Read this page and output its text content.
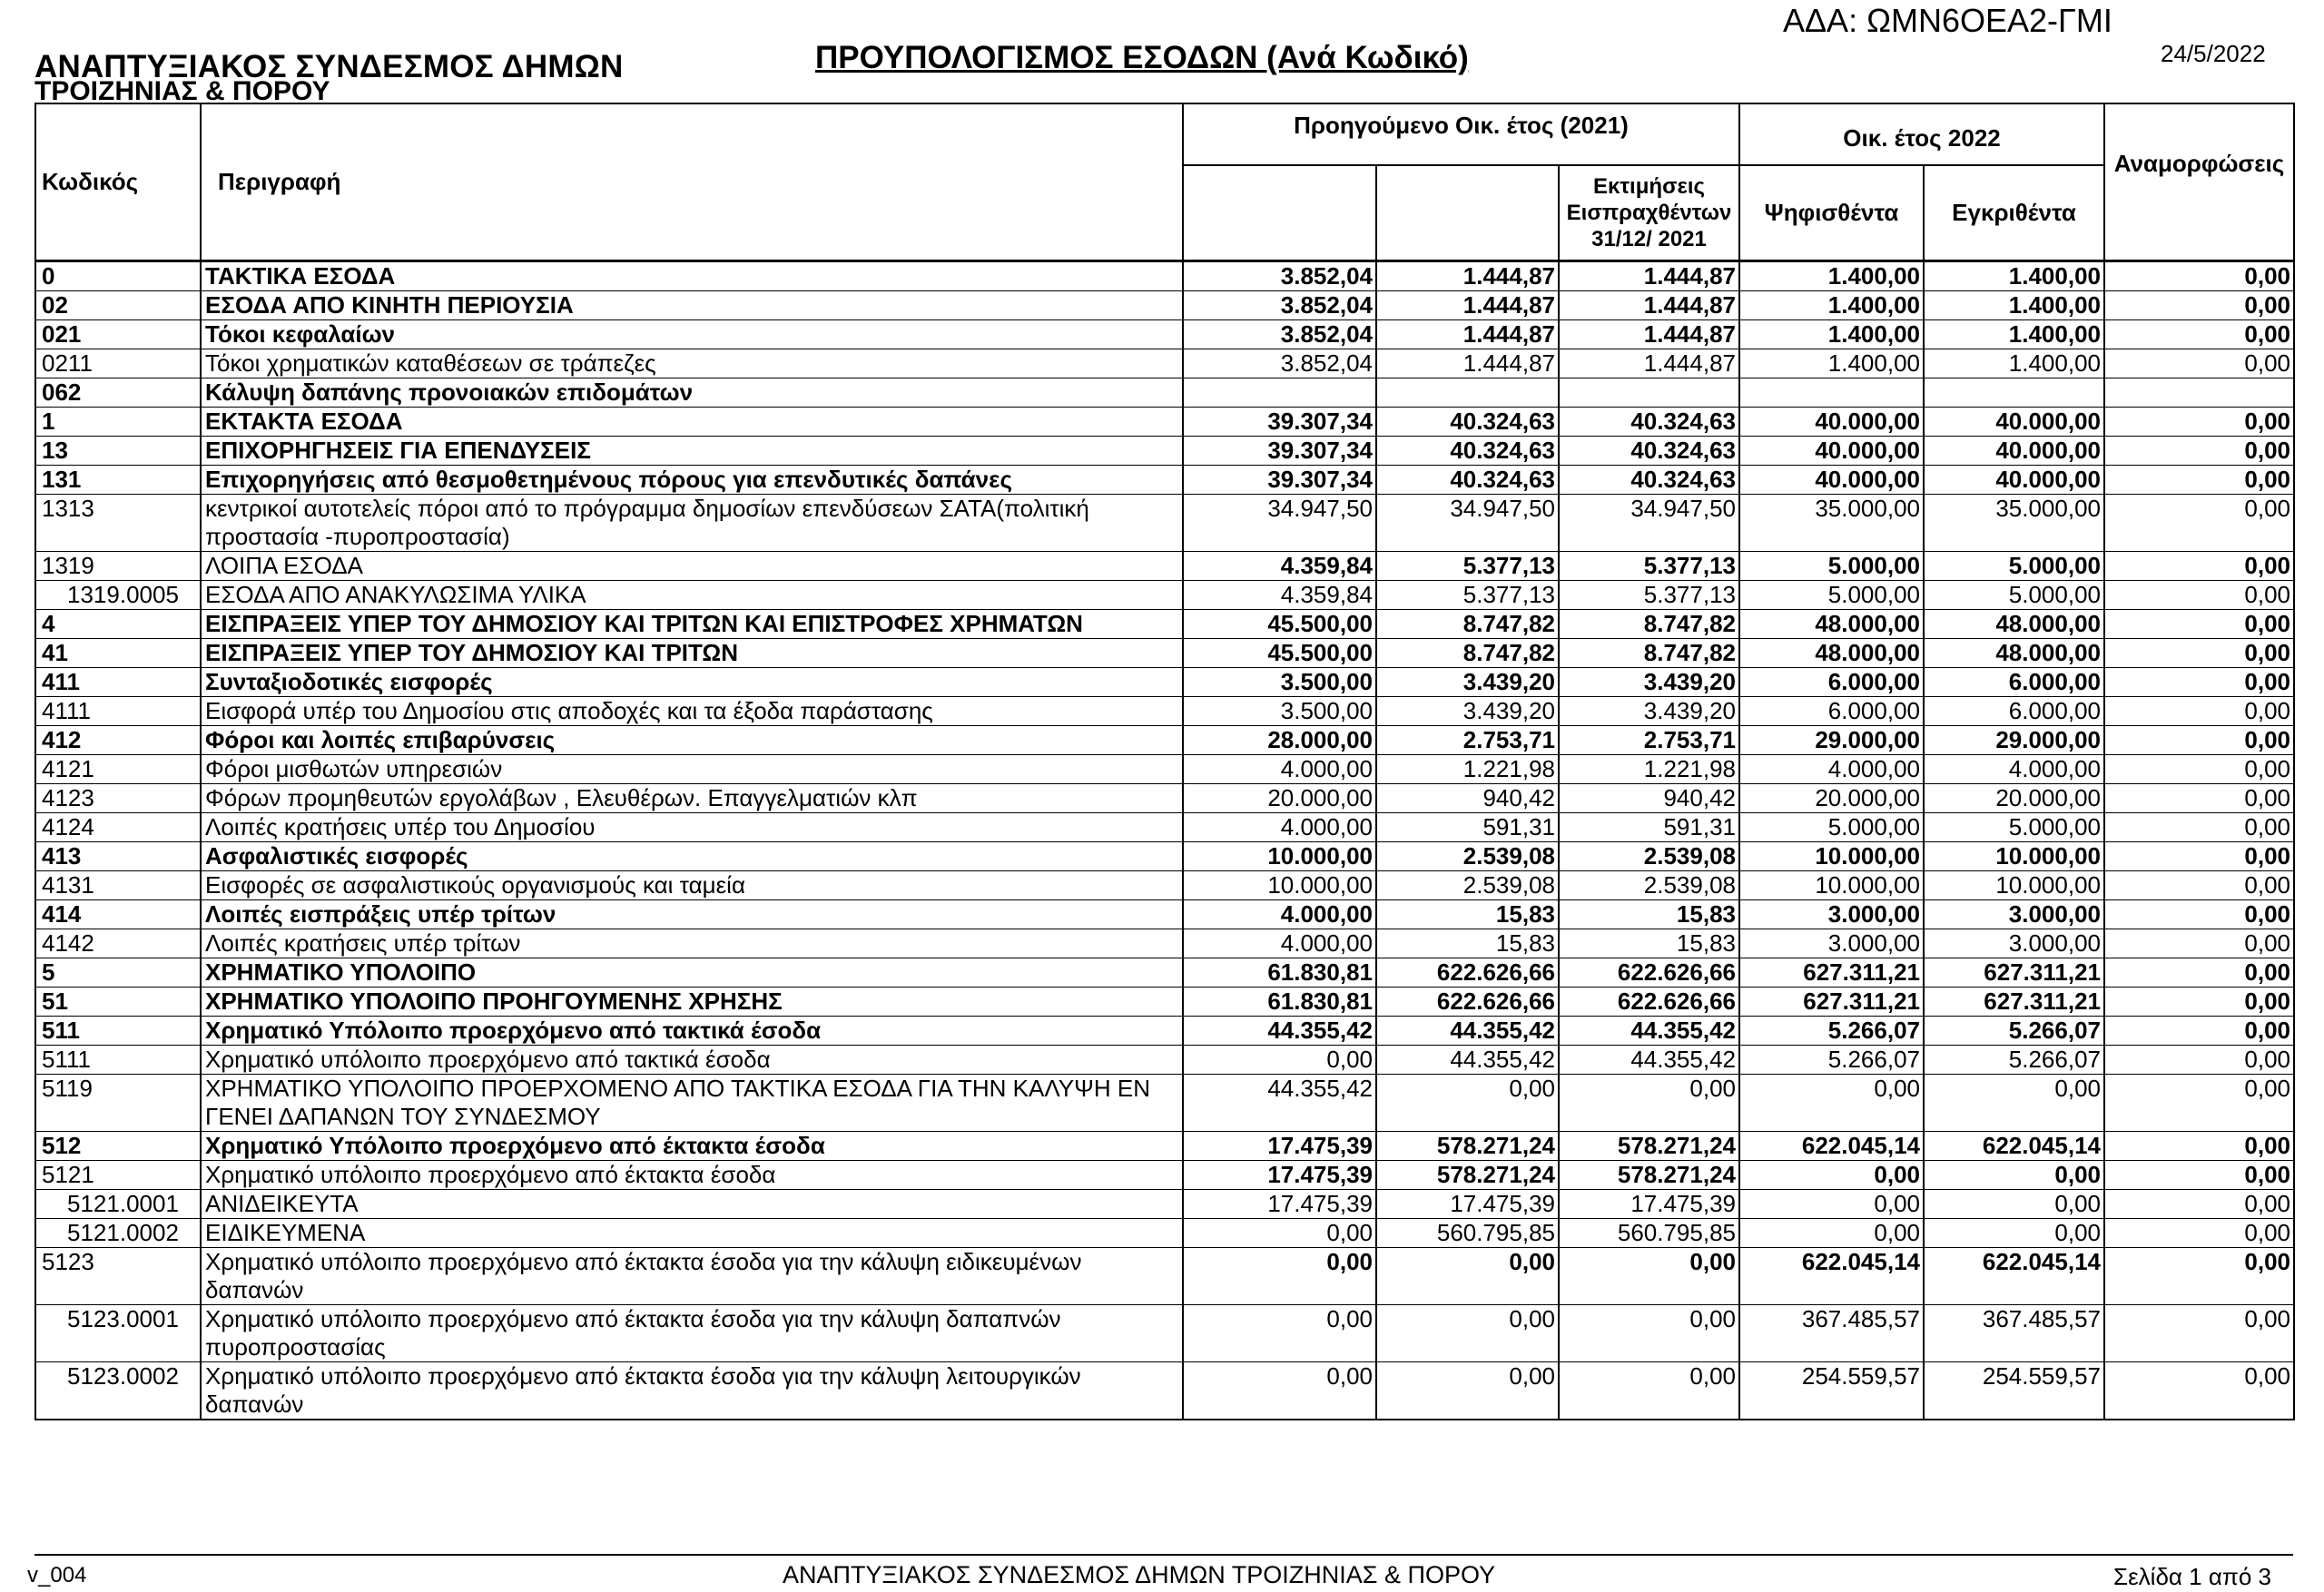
ΑΝΑΠΤΥΞΙΑΚΟΣ ΣΥΝΔΕΣΜΟΣ ΔΗΜΩΝ
ΤΡΟΙΖΗΝΙΑΣ & ΠΟΡΟΥ
ΠΡΟΥΠΟΛΟΓΙΣΜΟΣ ΕΣΟΔΩΝ (Ανά Κωδικό)
ΑΔΑ: ΩΜΝ6ΟΕΑ2-ΓΜΙ
24/5/2022
Κωδικός	Περιγραφή	Προηγούμενο Οικ. έτος (2021)			Οικ. έτος 2022		Αναμορφώσεις
				Εκτιμήσεις Εισπραχθέντων 31/12/ 2021	Ψηφισθέντα	Εγκριθέντα	
0	ΤΑΚΤΙΚΑ ΕΣΟΔΑ	3.852,04	1.444,87	1.444,87	1.400,00	1.400,00	0,00
02	ΕΣΟΔΑ ΑΠΟ ΚΙΝΗΤΗ ΠΕΡΙΟΥΣΙΑ	3.852,04	1.444,87	1.444,87	1.400,00	1.400,00	0,00
021	Τόκοι κεφαλαίων	3.852,04	1.444,87	1.444,87	1.400,00	1.400,00	0,00
0211	Τόκοι χρηματικών καταθέσεων σε τράπεζες	3.852,04	1.444,87	1.444,87	1.400,00	1.400,00	0,00
062	Κάλυψη δαπάνης προνοιακών επιδομάτων						
1	ΕΚΤΑΚΤΑ ΕΣΟΔΑ	39.307,34	40.324,63	40.324,63	40.000,00	40.000,00	0,00
13	ΕΠΙΧΟΡΗΓΗΣΕΙΣ ΓΙΑ ΕΠΕΝΔΥΣΕΙΣ	39.307,34	40.324,63	40.324,63	40.000,00	40.000,00	0,00
131	Επιχορηγήσεις από θεσμοθετημένους πόρους για επενδυτικές δαπάνες	39.307,34	40.324,63	40.324,63	40.000,00	40.000,00	0,00
1313	κεντρικοί αυτοτελείς πόροι από το πρόγραμμα δημοσίων επενδύσεων ΣΑΤΑ(πολιτική προστασία -πυροπροστασία)	34.947,50	34.947,50	34.947,50	35.000,00	35.000,00	0,00
1319	ΛΟΙΠΑ ΕΣΟΔΑ	4.359,84	5.377,13	5.377,13	5.000,00	5.000,00	0,00
1319.0005	ΕΣΟΔΑ ΑΠΟ ΑΝΑΚΥΛΩΣΙΜΑ ΥΛΙΚΑ	4.359,84	5.377,13	5.377,13	5.000,00	5.000,00	0,00
4	ΕΙΣΠΡΑΞΕΙΣ ΥΠΕΡ ΤΟΥ ΔΗΜΟΣΙΟΥ ΚΑΙ ΤΡΙΤΩΝ ΚΑΙ ΕΠΙΣΤΡΟΦΕΣ ΧΡΗΜΑΤΩΝ	45.500,00	8.747,82	8.747,82	48.000,00	48.000,00	0,00
41	ΕΙΣΠΡΑΞΕΙΣ ΥΠΕΡ ΤΟΥ ΔΗΜΟΣΙΟΥ ΚΑΙ ΤΡΙΤΩΝ	45.500,00	8.747,82	8.747,82	48.000,00	48.000,00	0,00
411	Συνταξιοδοτικές εισφορές	3.500,00	3.439,20	3.439,20	6.000,00	6.000,00	0,00
4111	Εισφορά υπέρ του Δημοσίου στις αποδοχές και τα έξοδα παράστασης	3.500,00	3.439,20	3.439,20	6.000,00	6.000,00	0,00
412	Φόροι και λοιπές επιβαρύνσεις	28.000,00	2.753,71	2.753,71	29.000,00	29.000,00	0,00
4121	Φόροι μισθωτών υπηρεσιών	4.000,00	1.221,98	1.221,98	4.000,00	4.000,00	0,00
4123	Φόρων προμηθευτών εργολάβων , Ελευθέρων. Επαγγελματιών κλπ	20.000,00	940,42	940,42	20.000,00	20.000,00	0,00
4124	Λοιπές κρατήσεις υπέρ του Δημοσίου	4.000,00	591,31	591,31	5.000,00	5.000,00	0,00
413	Ασφαλιστικές εισφορές	10.000,00	2.539,08	2.539,08	10.000,00	10.000,00	0,00
4131	Εισφορές σε ασφαλιστικούς οργανισμούς και ταμεία	10.000,00	2.539,08	2.539,08	10.000,00	10.000,00	0,00
414	Λοιπές εισπράξεις υπέρ τρίτων	4.000,00	15,83	15,83	3.000,00	3.000,00	0,00
4142	Λοιπές κρατήσεις υπέρ τρίτων	4.000,00	15,83	15,83	3.000,00	3.000,00	0,00
5	ΧΡΗΜΑΤΙΚΟ ΥΠΟΛΟΙΠΟ	61.830,81	622.626,66	622.626,66	627.311,21	627.311,21	0,00
51	ΧΡΗΜΑΤΙΚΟ ΥΠΟΛΟΙΠΟ ΠΡΟΗΓΟΥΜΕΝΗΣ ΧΡΗΣΗΣ	61.830,81	622.626,66	622.626,66	627.311,21	627.311,21	0,00
511	Χρηματικό Υπόλοιπο προερχόμενο από τακτικά έσοδα	44.355,42	44.355,42	44.355,42	5.266,07	5.266,07	0,00
5111	Χρηματικό υπόλοιπο προερχόμενο από τακτικά έσοδα	0,00	44.355,42	44.355,42	5.266,07	5.266,07	0,00
5119	ΧΡΗΜΑΤΙΚΟ ΥΠΟΛΟΙΠΟ ΠΡΟΕΡΧΟΜΕΝΟ ΑΠΟ ΤΑΚΤΙΚΑ ΕΣΟΔΑ ΓΙΑ ΤΗΝ ΚΑΛΥΨΗ ΕΝ ΓΕΝΕΙ ΔΑΠΑΝΩΝ ΤΟΥ ΣΥΝΔΕΣΜΟΥ	44.355,42	0,00	0,00	0,00	0,00	0,00
512	Χρηματικό Υπόλοιπο προερχόμενο από έκτακτα έσοδα	17.475,39	578.271,24	578.271,24	622.045,14	622.045,14	0,00
5121	Χρηματικό υπόλοιπο προερχόμενο από έκτακτα έσοδα	17.475,39	578.271,24	578.271,24	0,00	0,00	0,00
5121.0001	ΑΝΙΔΕΙΚΕΥΤΑ	17.475,39	17.475,39	17.475,39	0,00	0,00	0,00
5121.0002	ΕΙΔΙΚΕΥΜΕΝΑ	0,00	560.795,85	560.795,85	0,00	0,00	0,00
5123	Χρηματικό υπόλοιπο προερχόμενο από έκτακτα έσοδα για την κάλυψη ειδικευμένων δαπανών	0,00	0,00	0,00	622.045,14	622.045,14	0,00
5123.0001	Χρηματικό υπόλοιπο προερχόμενο από έκτακτα έσοδα για την κάλυψη δαπαπνών πυροπροστασίας	0,00	0,00	0,00	367.485,57	367.485,57	0,00
5123.0002	Χρηματικό υπόλοιπο προερχόμενο από έκτακτα έσοδα για την κάλυψη λειτουργικών δαπανών	0,00	0,00	0,00	254.559,57	254.559,57	0,00
v_004	ΑΝΑΠΤΥΞΙΑΚΟΣ ΣΥΝΔΕΣΜΟΣ ΔΗΜΩΝ ΤΡΟΙΖΗΝΙΑΣ & ΠΟΡΟΥ	Σελίδα 1 από 3
